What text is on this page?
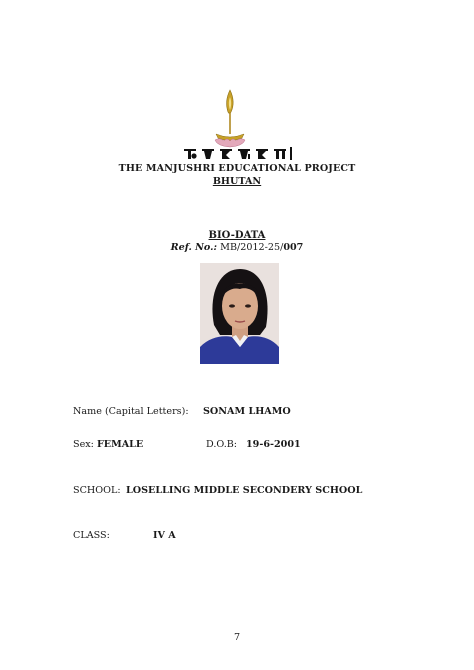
THE MANJUSHRI EDUCATIONAL PROJECT
BHUTAN
BIO-DATA
Ref. No.: MB/2012-25/007
Name (Capital Letters): SONAM LHAMO
Sex: FEMALE	D.O.B: 19-6-2001
SCHOOL: LOSELLING MIDDLE SECONDERY SCHOOL
CLASS:	IV A
7
